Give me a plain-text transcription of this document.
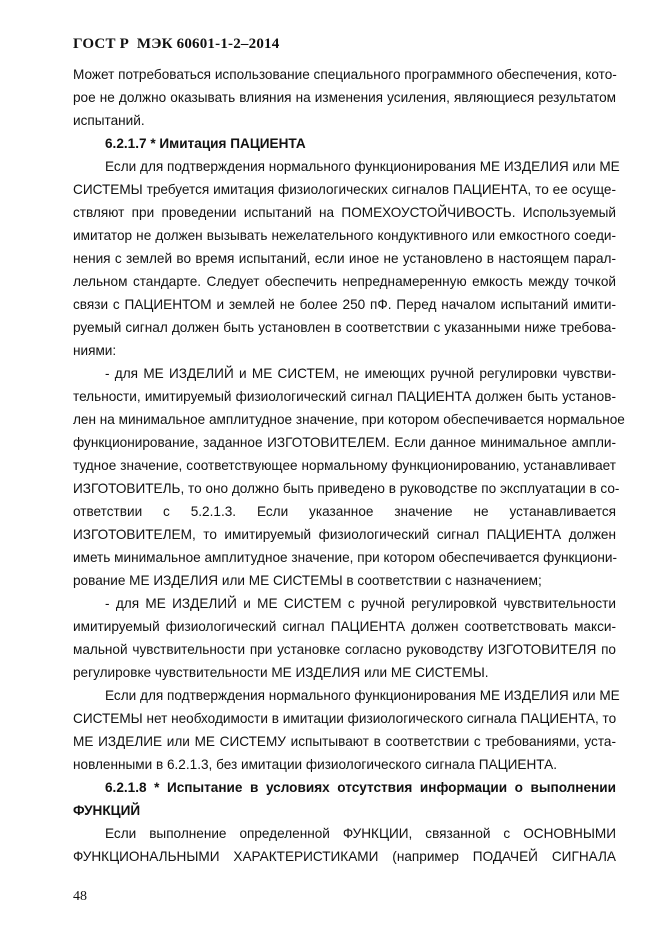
ГОСТ Р  МЭК 60601-1-2–2014
Может потребоваться использование специального программного обеспечения, кото-
рое не должно оказывать влияния на изменения усиления, являющиеся результатом
испытаний.
6.2.1.7 * Имитация ПАЦИЕНТА
Если для подтверждения нормального функционирования МЕ ИЗДЕЛИЯ или МЕ
СИСТЕМЫ требуется имитация физиологических сигналов ПАЦИЕНТА, то ее осуще-
ствляют при проведении испытаний на ПОМЕХОУСТОЙЧИВОСТЬ. Используемый
имитатор не должен вызывать нежелательного кондуктивного или емкостного соеди-
нения с землей во время испытаний, если иное не установлено в настоящем парал-
лельном стандарте. Следует обеспечить непреднамеренную емкость между точкой
связи с ПАЦИЕНТОМ и землей не более 250 пФ. Перед началом испытаний имити-
руемый сигнал должен быть установлен в соответствии с указанными ниже требова-
ниями:
- для МЕ ИЗДЕЛИЙ и МЕ СИСТЕМ, не имеющих ручной регулировки чувстви-
тельности, имитируемый физиологический сигнал ПАЦИЕНТА должен быть установ-
лен на минимальное амплитудное значение, при котором обеспечивается нормальное
функционирование, заданное ИЗГОТОВИТЕЛЕМ. Если данное минимальное ампли-
тудное значение, соответствующее нормальному функционированию, устанавливает
ИЗГОТОВИТЕЛЬ, то оно должно быть приведено в руководстве по эксплуатации в со-
ответствии с 5.2.1.3. Если указанное значение не устанавливается
ИЗГОТОВИТЕЛЕМ, то имитируемый физиологический сигнал ПАЦИЕНТА должен
иметь минимальное амплитудное значение, при котором обеспечивается функциони-
рование МЕ ИЗДЕЛИЯ или МЕ СИСТЕМЫ в соответствии с назначением;
- для МЕ ИЗДЕЛИЙ и МЕ СИСТЕМ с ручной регулировкой чувствительности
имитируемый физиологический сигнал ПАЦИЕНТА должен соответствовать макси-
мальной чувствительности при установке согласно руководству ИЗГОТОВИТЕЛЯ по
регулировке чувствительности МЕ ИЗДЕЛИЯ или МЕ СИСТЕМЫ.
Если для подтверждения нормального функционирования МЕ ИЗДЕЛИЯ или МЕ
СИСТЕМЫ нет необходимости в имитации физиологического сигнала ПАЦИЕНТА, то
МЕ ИЗДЕЛИЕ или МЕ СИСТЕМУ испытывают в соответствии с требованиями, уста-
новленными в 6.2.1.3, без имитации физиологического сигнала ПАЦИЕНТА.
6.2.1.8 * Испытание в условиях отсутствия информации о выполнении
ФУНКЦИЙ
Если выполнение определенной ФУНКЦИИ, связанной с ОСНОВНЫМИ
ФУНКЦИОНАЛЬНЫМИ ХАРАКТЕРИСТИКАМИ (например ПОДАЧЕЙ СИГНАЛА
48
